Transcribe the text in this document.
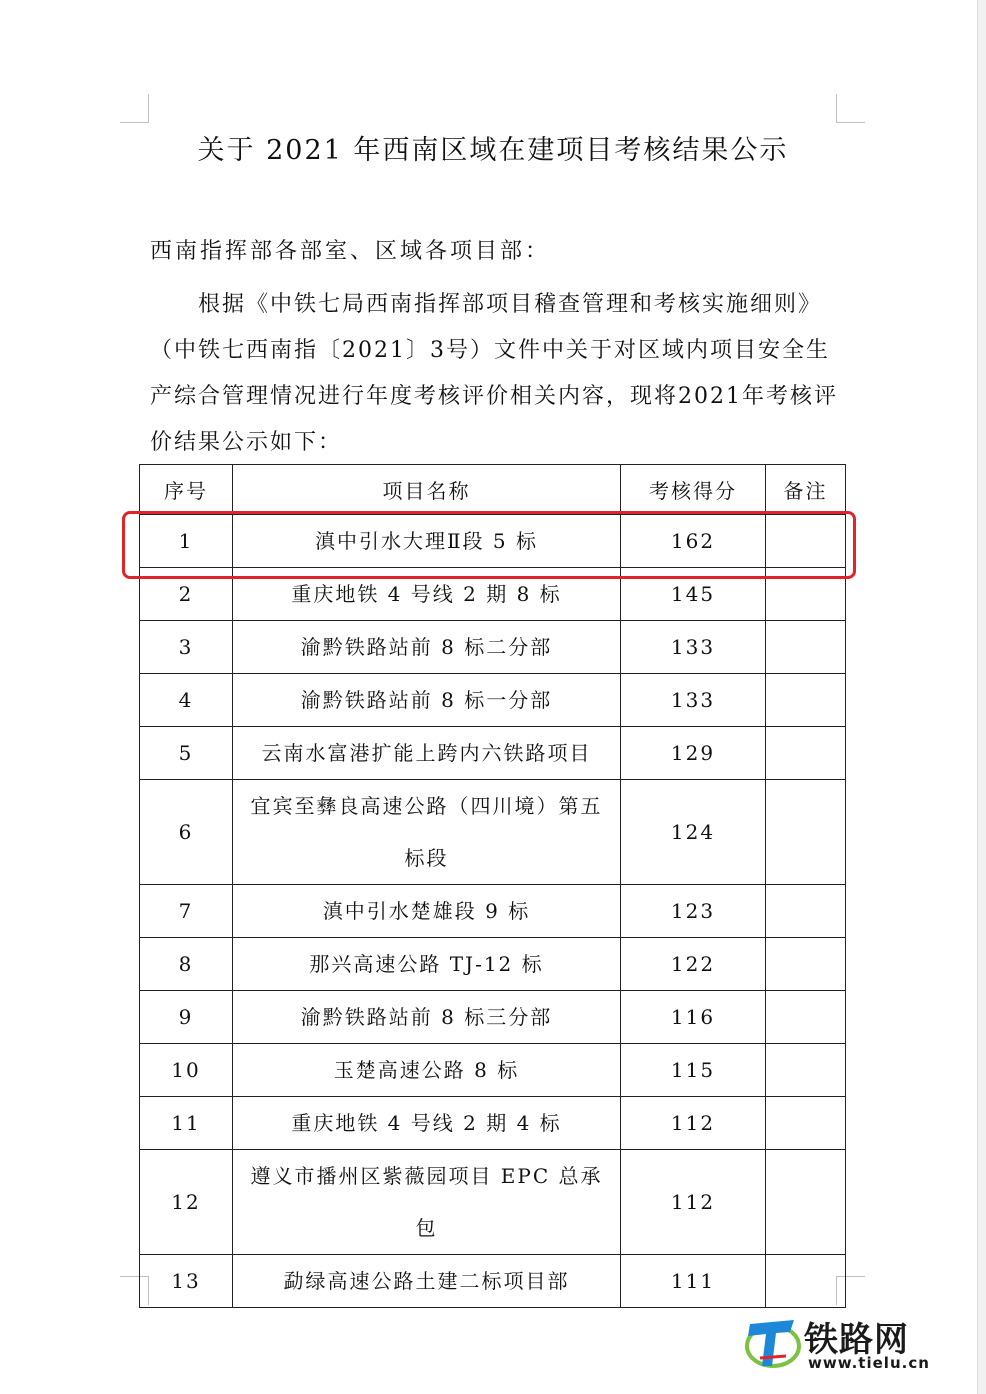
关于 2021 年西南区域在建项目考核结果公示
西南指挥部各部室、区域各项目部：

根据《中铁七局西南指挥部项目稽查管理和考核实施细则》（中铁七西南指〔2021〕3号）文件中关于对区域内项目安全生产综合管理情况进行年度考核评价相关内容，现将2021年考核评价结果公示如下：

序号	项目名称	考核得分	备注
1	滇中引水大理Ⅱ段 5 标	162	
2	重庆地铁 4 号线 2 期 8 标	145	
3	渝黔铁路站前 8 标二分部	133	
4	渝黔铁路站前 8 标一分部	133	
5	云南水富港扩能上跨内六铁路项目	129	
6	宜宾至彝良高速公路（四川境）第五标段	124	
7	滇中引水楚雄段 9 标	123	
8	那兴高速公路 TJ-12 标	122	
9	渝黔铁路站前 8 标三分部	116	
10	玉楚高速公路 8 标	115	
11	重庆地铁 4 号线 2 期 4 标	112	
12	遵义市播州区紫薇园项目 EPC 总承包	112	
13	勐绿高速公路土建二标项目部	111	
铁路网
www.tielu.cn
